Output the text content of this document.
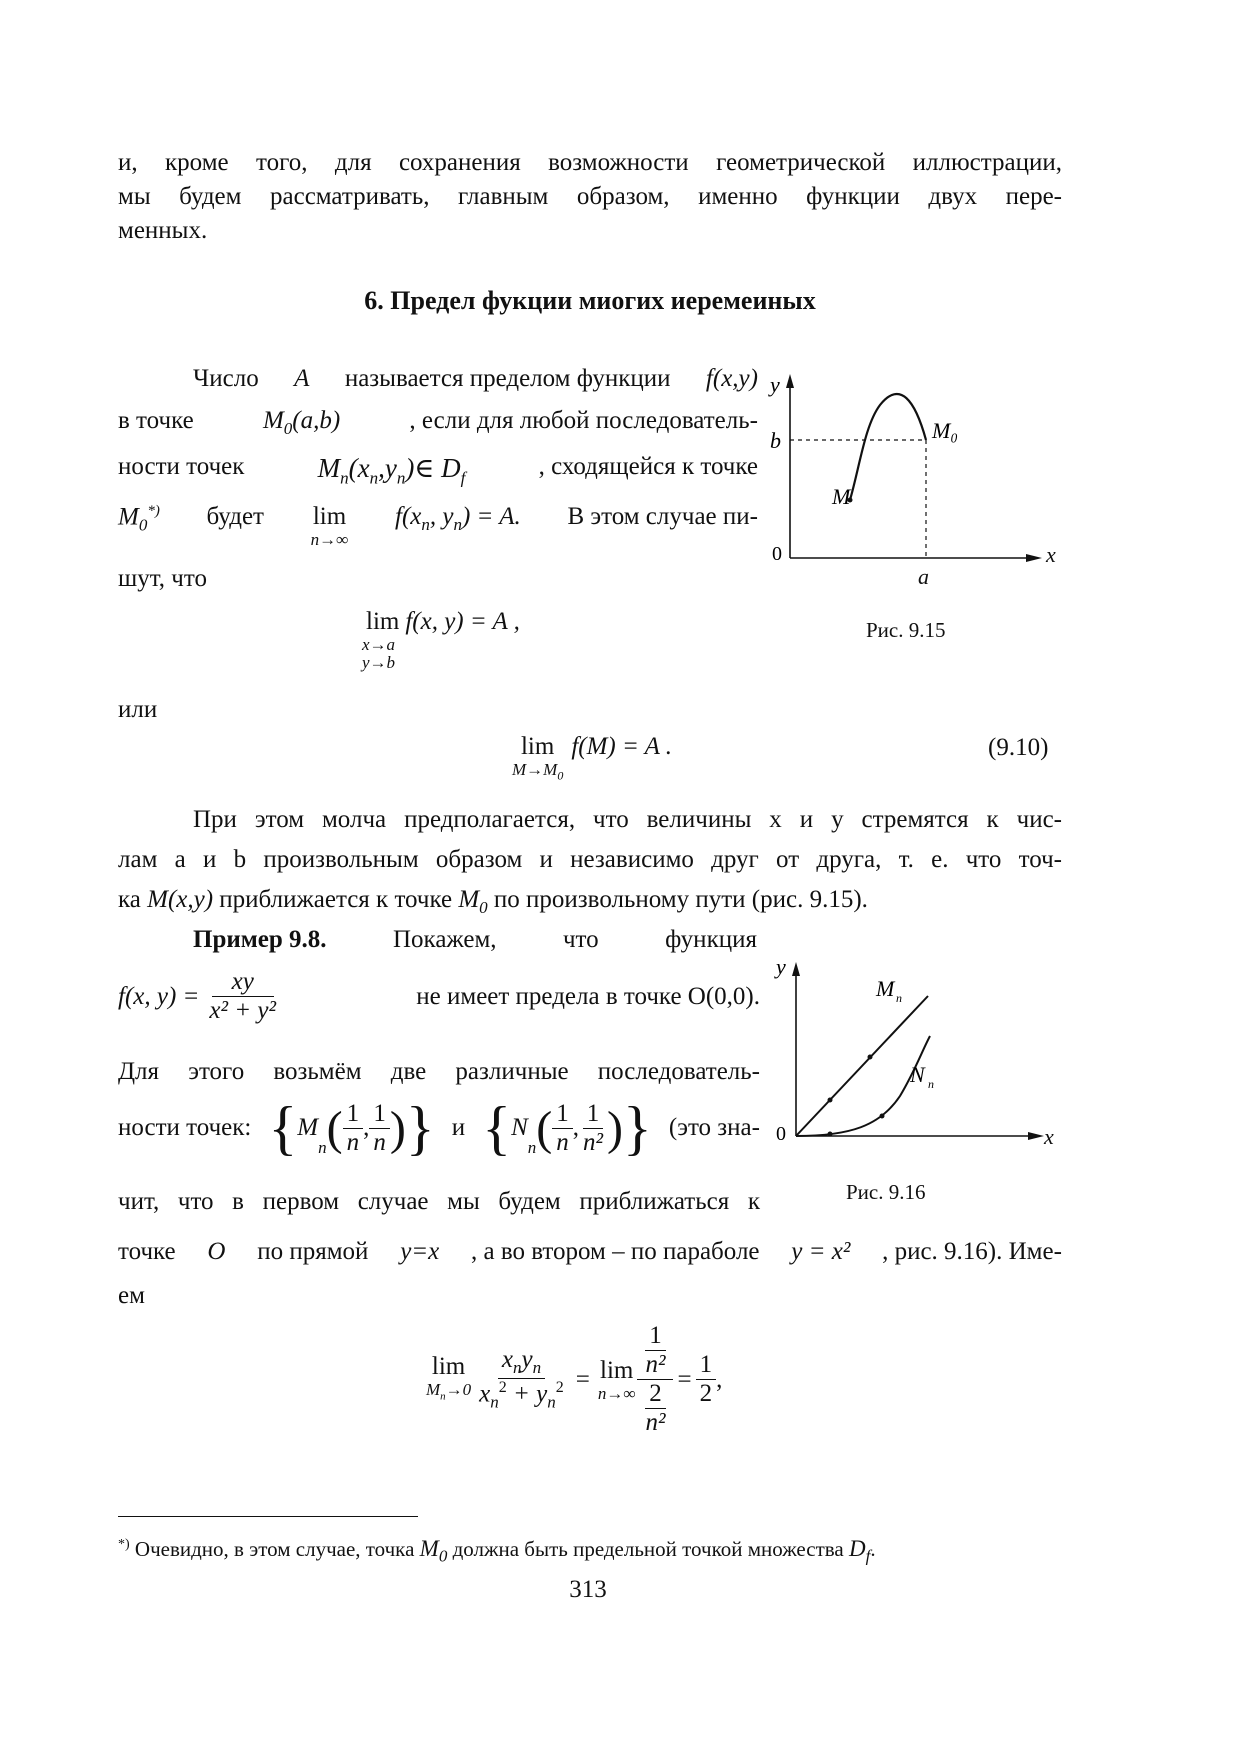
и, кроме того, для сохранения возможности геометрической иллюстрации,
мы будем рассматривать, главным образом, именно функции двух пере-
менных.
6. Предел фукции миогих иеремеиных
Число A называется пределом функции f(x,y)
в точке	$M_0(a,b)$	, если для любой последователь-
ности точек	$M_n(x_n,y_n)\in$ $D_f$	, сходящейся к точке
$M_0^{*)}$ будет lim
n→∞
$f(x_n$, $y_n) = A$. В этом случае пи-
шут, что
lim
x→a
y→b
f(x, y) = A ,
или
lim
$M\to M_0$
f(M) = A .	(9.10)
При этом молча предполагается, что величины x и y стремятся к чис-
лам a и b произвольным образом и независимо друг от друга, т. е. что точ-
ка M(x,y) приближается к точке $M_0$ по произвольному пути (рис. 9.15).
Пример 9.8.	Покажем,	что	функция
f(x, $y) = \frac{xy}{\text{x² + y²}}$	не имеет предела в точке O(0,0).
Для этого возьмём две различные последователь-
ности точек: { M
$_n$ ( $\frac{1}{n}$ , $\frac{1}{n}$ ) } и { N
$_n$ ( $\frac{1}{n}$ , $\frac{1}{\text{n²}}$ ) } (это зна-
чит, что в первом случае мы будем приближаться к
точке O по прямой y=x , а во втором – по параболе y = x² , рис. 9.16). Име-
ем
lim
$M_n\to 0 \frac{x_ny_n}{x_n^2 + y_n^2} = \lim$
$n\to\infty \frac{\frac{1}{\text{n²}}}{\frac{2}{\text{n²}}} = \frac{1}{2}$ ,
y
b
M
M₀
0	x
a
Рис. 9.15
y
0
M n
N n
x
Рис. 9.16
*) Очевидно, в этом случае, точка $M_0$ должна быть предельной точкой множества $D_f$.
313
